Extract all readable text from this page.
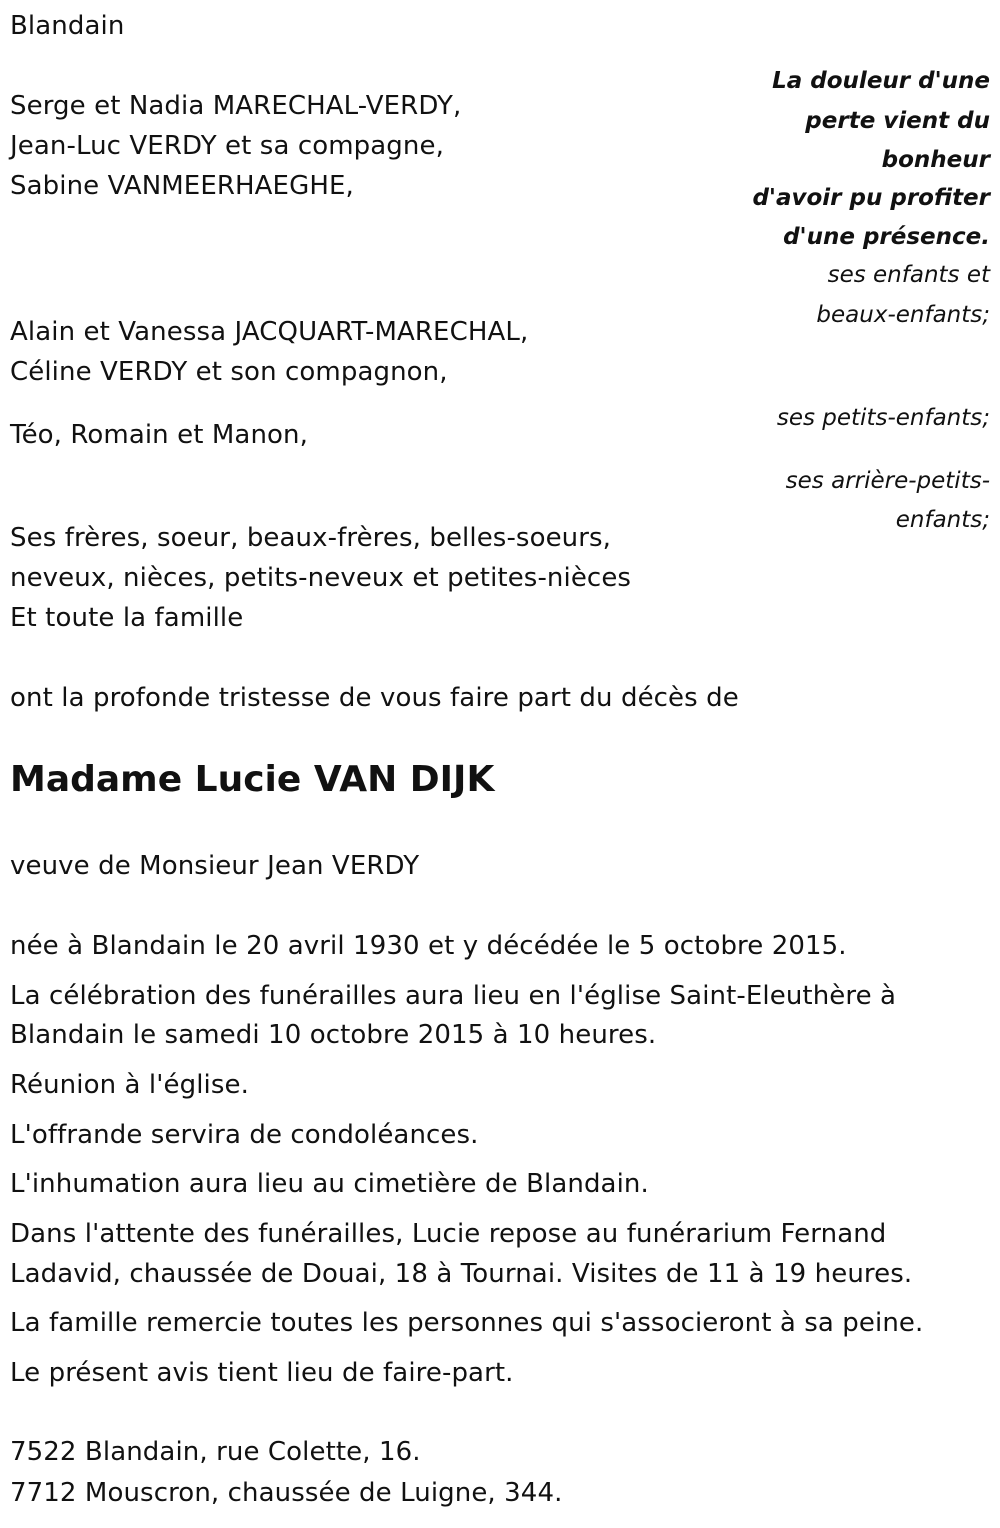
Blandain

La douleur d'une

perte vient du

bonheur

d'avoir pu profiter

d'une présence.

ses enfants et

beaux-enfants;

ses petits-enfants;

ses arrière-petits-

enfants;

Serge et Nadia MARECHAL-VERDY,

Jean-Luc VERDY et sa compagne,

Sabine VANMEERHAEGHE,

Alain et Vanessa JACQUART-MARECHAL,

Céline VERDY et son compagnon,

Téo, Romain et Manon,

Ses frères, soeur, beaux-frères, belles-soeurs,

neveux, nièces, petits-neveux et petites-nièces

Et toute la famille

ont la profonde tristesse de vous faire part du décès de

Madame Lucie VAN DIJK

veuve de Monsieur Jean VERDY

née à Blandain le 20 avril 1930 et y décédée le 5 octobre 2015.

La célébration des funérailles aura lieu en l'église Saint-Eleuthère à

Blandain le samedi 10 octobre 2015 à 10 heures.

Réunion à l'église.

L'offrande servira de condoléances.

L'inhumation aura lieu au cimetière de Blandain.

Dans l'attente des funérailles, Lucie repose au funérarium Fernand

Ladavid, chaussée de Douai, 18 à Tournai. Visites de 11 à 19 heures.

La famille remercie toutes les personnes qui s'associeront à sa peine.

Le présent avis tient lieu de faire-part.

7522 Blandain, rue Colette, 16.

7712 Mouscron, chaussée de Luigne, 344.
